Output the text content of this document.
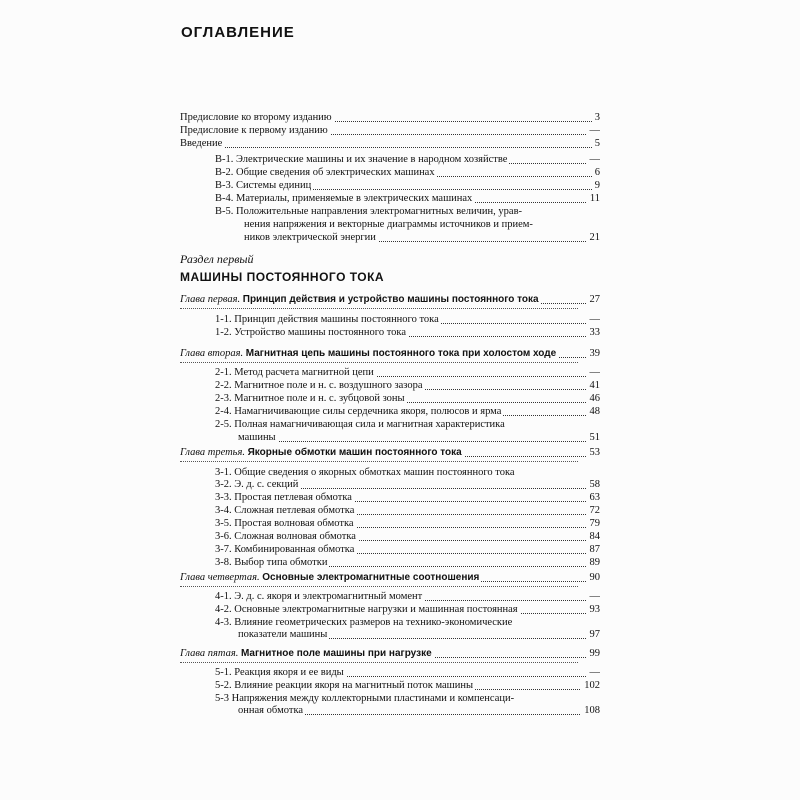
ОГЛАВЛЕНИЕ
Предисловие ко второму изданию	3
Предисловие к первому изданию	—
Введение	5
В-1. Электрические машины и их значение в народном хозяйстве	—
В-2. Общие сведения об электрических машинах	6
В-3. Системы единиц	9
В-4. Материалы, применяемые в электрических машинах	11
В-5. Положительные направления электромагнитных величин, урав-
нения напряжения и векторные диаграммы источников и прием-
ников электрической энергии	21
Раздел первый
МАШИНЫ ПОСТОЯННОГО ТОКА
Глава первая. Принцип действия и устройство машины постоянного тока	27
1-1. Принцип действия машины постоянного тока	—
1-2. Устройство машины постоянного тока	33
Глава вторая. Магнитная цепь машины постоянного тока при холостом ходе	39
2-1. Метод расчета магнитной цепи	—
2-2. Магнитное поле и н. с. воздушного зазора	41
2-3. Магнитное поле и н. с. зубцовой зоны	46
2-4. Намагничивающие силы сердечника якоря, полюсов и ярма	48
2-5. Полная намагничивающая сила и магнитная характеристика
машины	51
Глава третья. Якорные обмотки машин постоянного тока	53
3-1. Общие сведения о якорных обмотках машин постоянного тока
3-2. Э. д. с. секций	58
3-3. Простая петлевая обмотка	63
3-4. Сложная петлевая обмотка	72
3-5. Простая волновая обмотка	79
3-6. Сложная волновая обмотка	84
3-7. Комбинированная обмотка	87
3-8. Выбор типа обмотки	89
Глава четвертая. Основные электромагнитные соотношения	90
4-1. Э. д. с. якоря и электромагнитный момент	—
4-2. Основные электромагнитные нагрузки и машинная постоянная	93
4-3. Влияние геометрических размеров на технико-экономические
показатели машины	97
Глава пятая. Магнитное поле машины при нагрузке	99
5-1. Реакция якоря и ее виды	—
5-2. Влияние реакции якоря на магнитный поток машины	102
5-3 Напряжения между коллекторными пластинами и компенсаци-
онная обмотка	108
